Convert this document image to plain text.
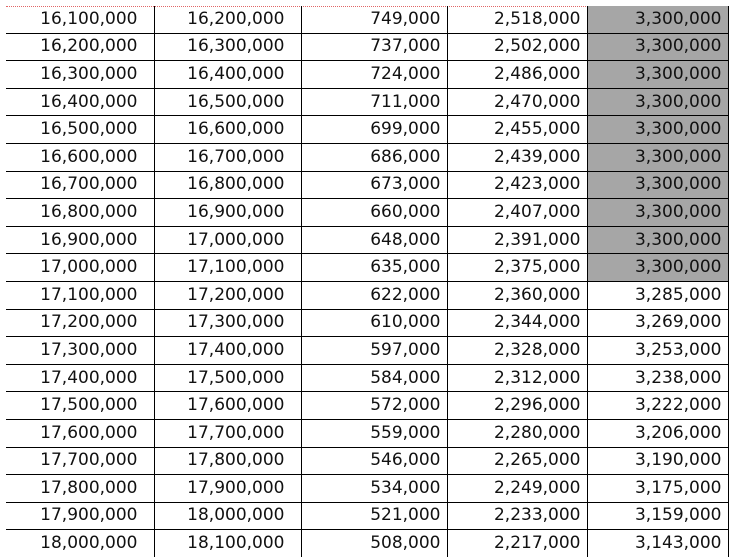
16,100,000	16,200,000	749,000	2,518,000	3,300,000
16,200,000	16,300,000	737,000	2,502,000	3,300,000
16,300,000	16,400,000	724,000	2,486,000	3,300,000
16,400,000	16,500,000	711,000	2,470,000	3,300,000
16,500,000	16,600,000	699,000	2,455,000	3,300,000
16,600,000	16,700,000	686,000	2,439,000	3,300,000
16,700,000	16,800,000	673,000	2,423,000	3,300,000
16,800,000	16,900,000	660,000	2,407,000	3,300,000
16,900,000	17,000,000	648,000	2,391,000	3,300,000
17,000,000	17,100,000	635,000	2,375,000	3,300,000
17,100,000	17,200,000	622,000	2,360,000	3,285,000
17,200,000	17,300,000	610,000	2,344,000	3,269,000
17,300,000	17,400,000	597,000	2,328,000	3,253,000
17,400,000	17,500,000	584,000	2,312,000	3,238,000
17,500,000	17,600,000	572,000	2,296,000	3,222,000
17,600,000	17,700,000	559,000	2,280,000	3,206,000
17,700,000	17,800,000	546,000	2,265,000	3,190,000
17,800,000	17,900,000	534,000	2,249,000	3,175,000
17,900,000	18,000,000	521,000	2,233,000	3,159,000
18,000,000	18,100,000	508,000	2,217,000	3,143,000
